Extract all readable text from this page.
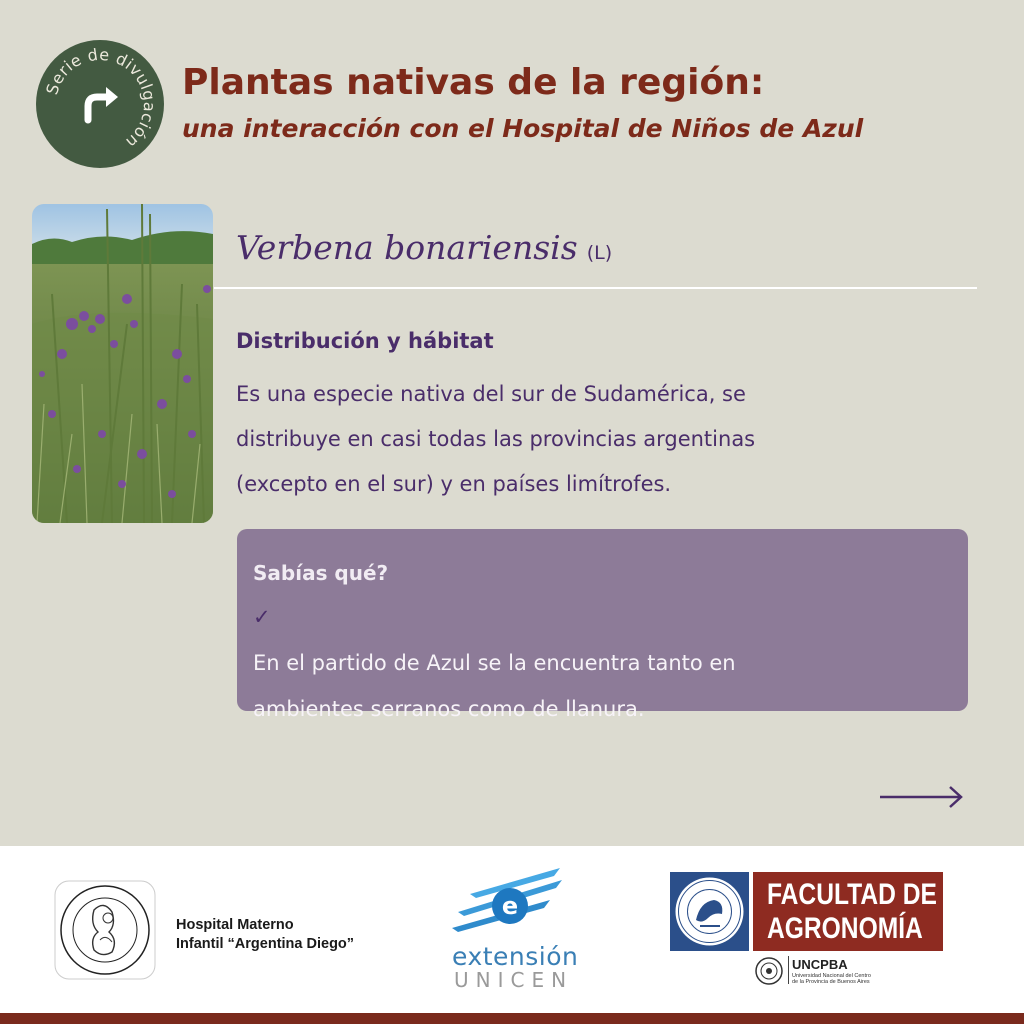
Serie de divulgación
Plantas nativas de la región:
una interacción con el Hospital de Niños de Azul
Verbena bonariensis (L)
Distribución y hábitat
Es una especie nativa del sur de Sudamérica, se
distribuye en casi todas las provincias argentinas
(excepto en el sur) y en países limítrofes.
Sabías qué?
✓
En el partido de Azul se la encuentra tanto en
ambientes serranos como de llanura.
Hospital Materno
Infantil “Argentina Diego”
e
extensión
UNICEN
FACULTAD DE
AGRONOMÍA
UNCPBA
Universidad Nacional del Centro de la Provincia de Buenos Aires
